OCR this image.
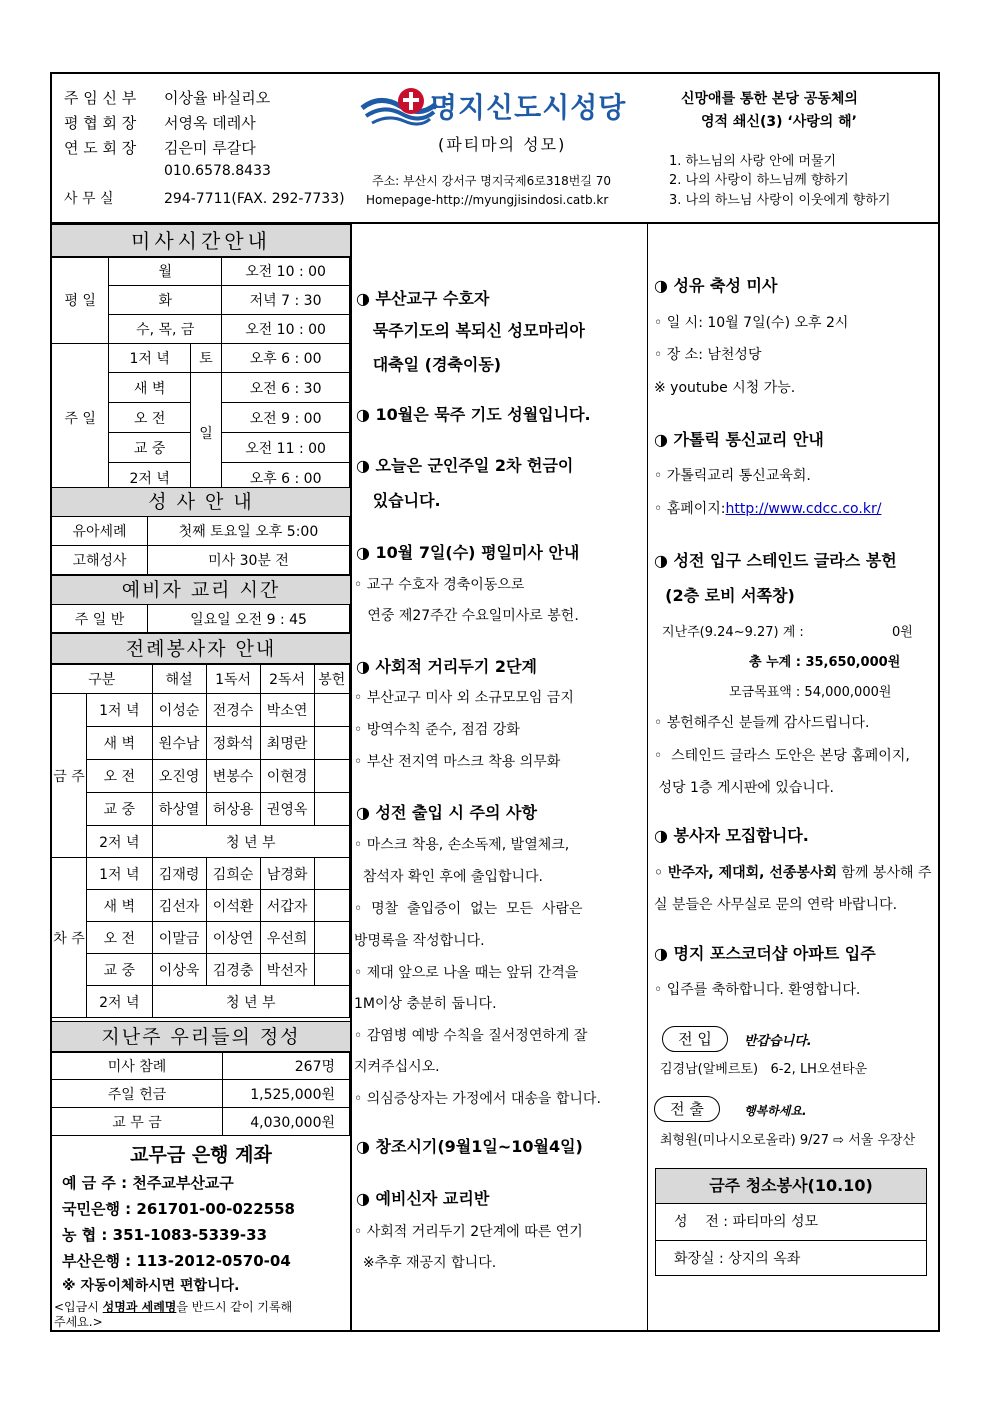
주 임 신 부 이상율 바실리오
평 협 회 장 서영옥 데레사
연 도 회 장 김은미 루갈다
010.6578.8433
사 무 실	294-7711(FAX. 292-7733)
명지신도시성당
(파티마의 성모)
주소: 부산시 강서구 명지국제6로318번길 70
Homepage-http://myungjisindosi.catb.kr
신망애를 통한 본당 공동체의
영적 쇄신(3) ‘사랑의 해’
1. 하느님의 사랑 안에 머물기
2. 나의 사랑이 하느님께 향하기
3. 나의 하느님 사랑이 이웃에게 향하기
미사시간안내
평 일	월		오전 10 : 00
	화		저녁 7 : 30
	수, 목, 금		오전 10 : 00
주 일	1저 녁	토	오후 6 : 00
	새 벽	일	오전 6 : 30
	오 전		오전 9 : 00
	교 중		오전 11 : 00
	2저 녁		오후 6 : 00
성 사 안 내
유아세례	첫째 토요일 오후 5:00
고해성사	미사 30분 전
예비자 교리 시간
주 일 반	일요일 오전 9 : 45
전례봉사자 안내
구분		해설	1독서	2독서	봉헌
금 주	1저 녁	이성순	전경수	박소연	
	새 벽	원수남	정화석	최명란	
	오 전	오진영	변봉수	이현경	
	교 중	하상열	허상용	권영옥	
	2저 녁	청 년 부			
차 주	1저 녁	김재령	김희순	남경화	
	새 벽	김선자	이석환	서갑자	
	오 전	이말금	이상연	우선희	
	교 중	이상욱	김경충	박선자	
	2저 녁	청 년 부			
지난주 우리들의 정성
미사 참례	267명
주일 헌금	1,525,000원
교 무 금	4,030,000원
교무금 은행 계좌
예 금 주 : 천주교부산교구
국민은행 : 261701-00-022558
농 협 : 351-1083-5339-33
부산은행 : 113-2012-0570-04
※ 자동이체하시면 편합니다.
<입금시 성명과 세례명을 반드시 같이 기록해
주세요.>
◑ 부산교구 수호자
묵주기도의 복되신 성모마리아
대축일 (경축이동)
◑ 10월은 묵주 기도 성월입니다.
◑ 오늘은 군인주일 2차 헌금이
있습니다.
◑ 10월 7일(수) 평일미사 안내
◦ 교구 수호자 경축이동으로
연중 제27주간 수요일미사로 봉헌.
◑ 사회적 거리두기 2단계
◦ 부산교구 미사 외 소규모모임 금지
◦ 방역수칙 준수, 점검 강화
◦ 부산 전지역 마스크 착용 의무화
◑ 성전 출입 시 주의 사항
◦ 마스크 착용, 손소독제, 발열체크,
참석자 확인 후에 출입합니다.
◦  명찰  출입증이  없는  모든  사람은
방명록을 작성합니다.
◦ 제대 앞으로 나올 때는 앞뒤 간격을
1M이상 충분히 둡니다.
◦ 감염병 예방 수칙을 질서정연하게 잘
지켜주십시오.
◦ 의심증상자는 가정에서 대송을 합니다.
◑ 창조시기(9월1일~10월4일)
◑ 예비신자 교리반
◦ 사회적 거리두기 2단계에 따른 연기
※추후 재공지 합니다.
◑ 성유 축성 미사
◦ 일 시: 10월 7일(수) 오후 2시
◦ 장 소: 남천성당
※ youtube 시청 가능.
◑ 가톨릭 통신교리 안내
◦ 가톨릭교리 통신교육회.
◦ 홈페이지:http://www.cdcc.co.kr/
◑ 성전 입구 스테인드 글라스 봉헌
(2층 로비 서쪽창)
지난주(9.24~9.27) 계 :	0원
총 누계 : 35,650,000원
모금목표액 : 54,000,000원
◦ 봉헌해주신 분들께 감사드립니다.
◦  스테인드 글라스 도안은 본당 홈페이지,
성당 1층 게시판에 있습니다.
◑ 봉사자 모집합니다.
◦ 반주자, 제대회, 선종봉사회 함께 봉사해 주
실 분들은 사무실로 문의 연락 바랍니다.
◑ 명지 포스코더샵 아파트 입주
◦ 입주를 축하합니다. 환영합니다.
전 입	반갑습니다.
김경남(알베르토)   6-2, LH오션타운
전 출	행복하세요.
최형원(미나시오로올라) 9/27 ⇨ 서울 우장산
금주 청소봉사(10.10)
성    전 : 파티마의 성모
화장실 : 상지의 옥좌
